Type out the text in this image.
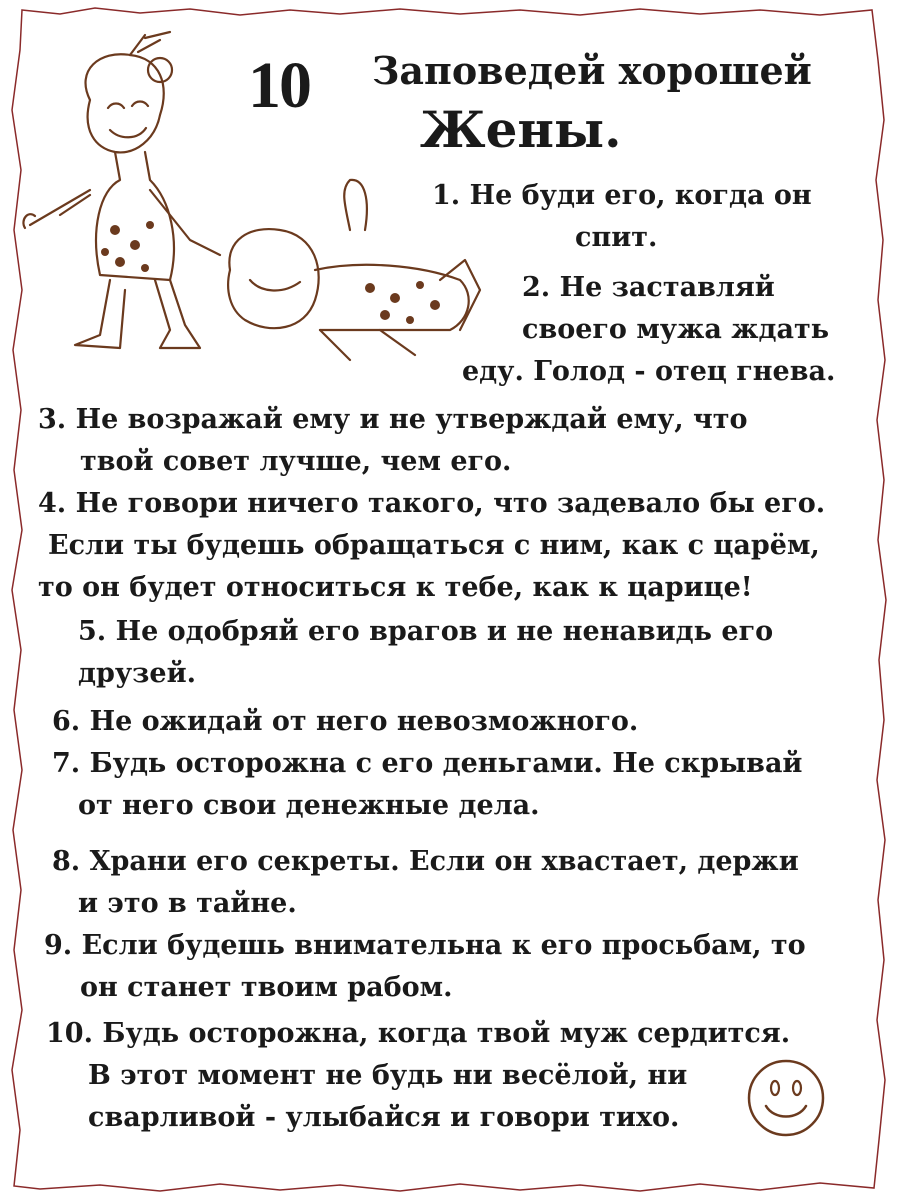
10 Заповедей хорошей
Жены.
1. Не буди его, когда он
спит.
2. Не заставляй
своего мужа ждать
еду. Голод - отец гнева.
3. Не возражай ему и не утверждай ему, что
твой совет лучше, чем его.
4. Не говори ничего такого, что задевало бы его.
Если ты будешь обращаться с ним, как с царём,
то он будет относиться к тебе, как к царице!
5. Не одобряй его врагов и не ненавидь его
друзей.
6. Не ожидай от него невозможного.
7. Будь осторожна с его деньгами. Не скрывай
от него свои денежные дела.
8. Храни его секреты. Если он хвастает, держи
и это в тайне.
9. Если будешь внимательна к его просьбам, то
он станет твоим рабом.
10. Будь осторожна, когда твой муж сердится.
В этот момент не будь ни весёлой, ни
сварливой - улыбайся и говори тихо.
